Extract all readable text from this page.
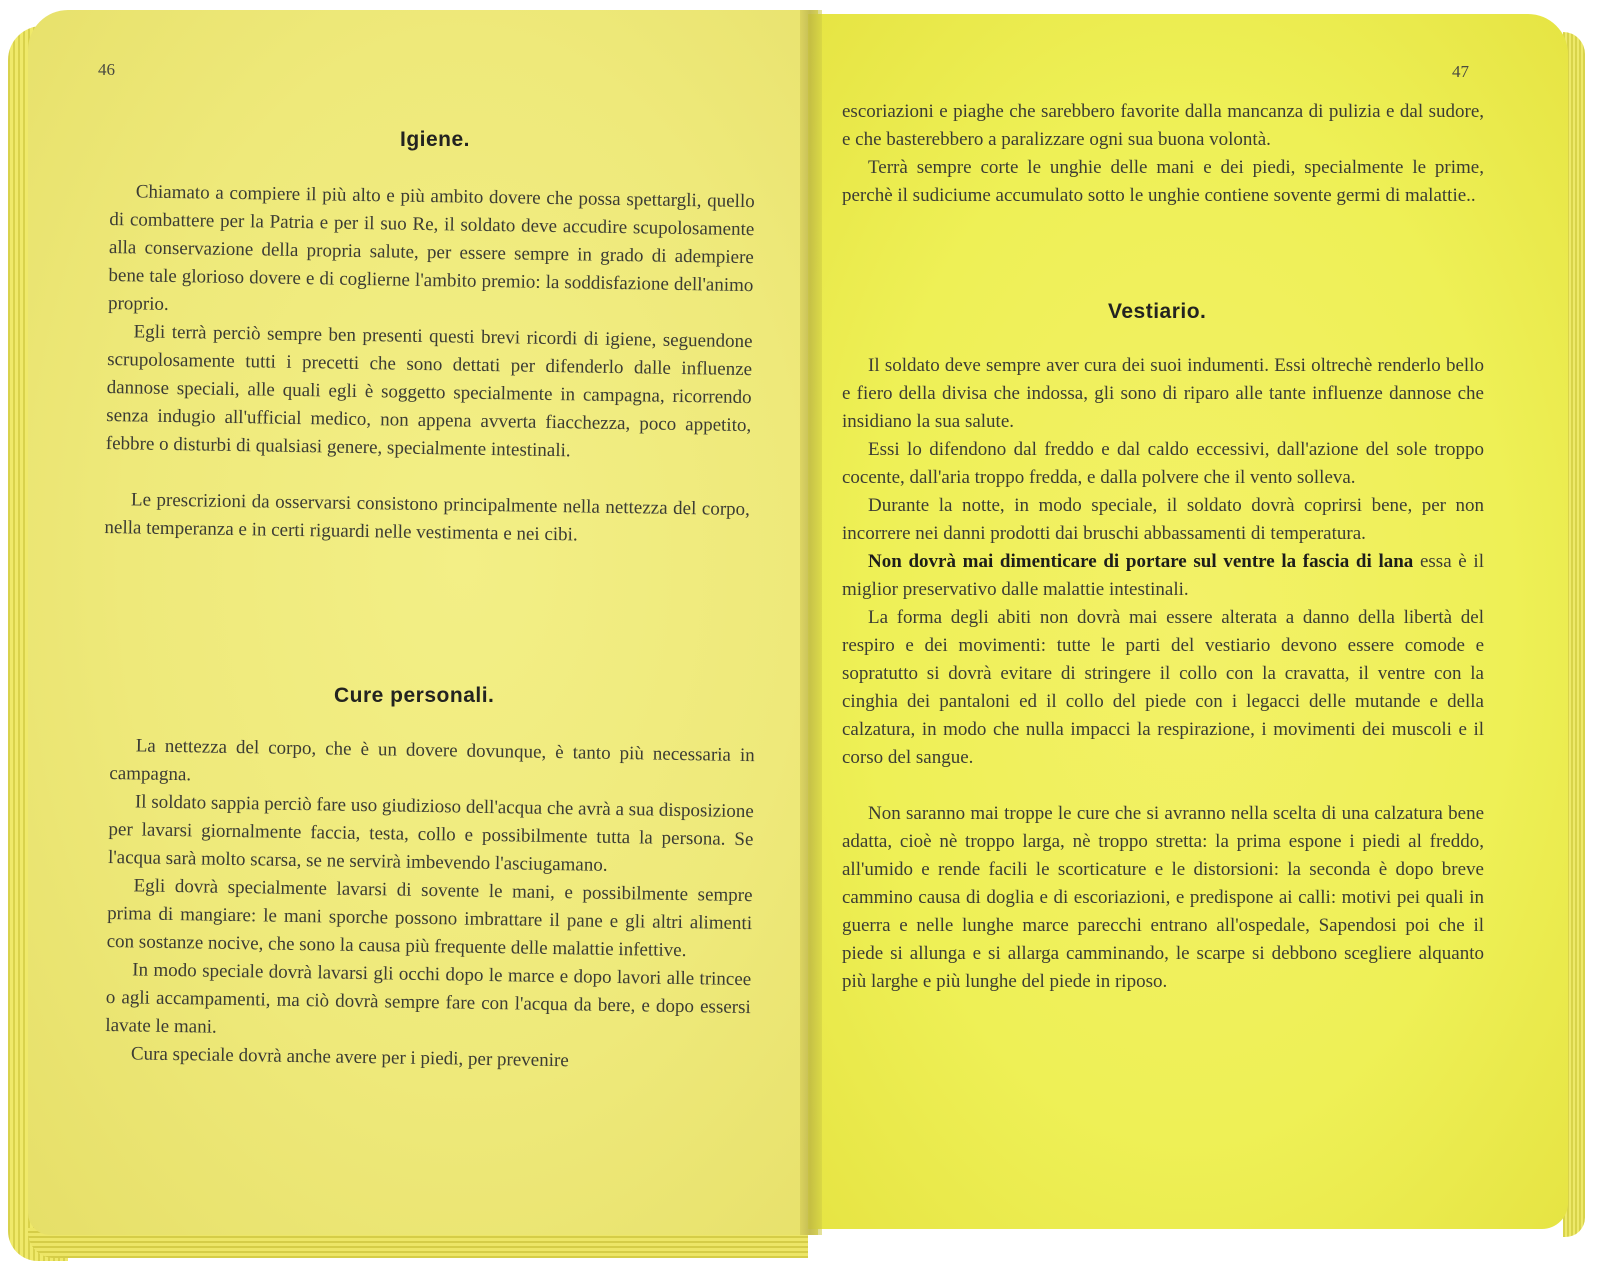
46
Igiene.

Chiamato a compiere il più alto e più ambito dovere che possa spettargli, quello di combattere per la Patria e per il suo Re, il soldato deve accudire scupolosamente alla conservazione della propria salute, per essere sempre in grado di adempiere bene tale glorioso dovere e di coglierne l'ambito premio: la soddisfazione dell'animo proprio.

Egli terrà perciò sempre ben presenti questi brevi ricordi di igiene, seguendone scrupolosamente tutti i precetti che sono dettati per difenderlo dalle influenze dannose speciali, alle quali egli è soggetto specialmente in campagna, ricorrendo senza indugio all'ufficial medico, non appena avverta fiacchezza, poco appetito, febbre o disturbi di qualsiasi genere, specialmente intestinali.

Le prescrizioni da osservarsi consistono principalmente nella nettezza del corpo, nella temperanza e in certi riguardi nelle vestimenta e nei cibi.

Cure personali.

La nettezza del corpo, che è un dovere dovunque, è tanto più necessaria in campagna.

Il soldato sappia perciò fare uso giudizioso dell'acqua che avrà a sua disposizione per lavarsi giornalmente faccia, testa, collo e possibilmente tutta la persona. Se l'acqua sarà molto scarsa, se ne servirà imbevendo l'asciugamano.

Egli dovrà specialmente lavarsi di sovente le mani, e possibilmente sempre prima di mangiare: le mani sporche possono imbrattare il pane e gli altri alimenti con sostanze nocive, che sono la causa più frequente delle malattie infettive.

In modo speciale dovrà lavarsi gli occhi dopo le marce e dopo lavori alle trincee o agli accampamenti, ma ciò dovrà sempre fare con l'acqua da bere, e dopo essersi lavate le mani.

Cura speciale dovrà anche avere per i piedi, per prevenire

47

escoriazioni e piaghe che sarebbero favorite dalla mancanza di pulizia e dal sudore, e che basterebbero a paralizzare ogni sua buona volontà.

Terrà sempre corte le unghie delle mani e dei piedi, specialmente le prime, perchè il sudiciume accumulato sotto le unghie contiene sovente germi di malattie..

Vestiario.

Il soldato deve sempre aver cura dei suoi indumenti. Essi oltrechè renderlo bello e fiero della divisa che indossa, gli sono di riparo alle tante influenze dannose che insidiano la sua salute.

Essi lo difendono dal freddo e dal caldo eccessivi, dall'azione del sole troppo cocente, dall'aria troppo fredda, e dalla polvere che il vento solleva.

Durante la notte, in modo speciale, il soldato dovrà coprirsi bene, per non incorrere nei danni prodotti dai bruschi abbassamenti di temperatura.

Non dovrà mai dimenticare di portare sul ventre la fascia di lana essa è il miglior preservativo dalle malattie intestinali.

La forma degli abiti non dovrà mai essere alterata a danno della libertà del respiro e dei movimenti: tutte le parti del vestiario devono essere comode e sopratutto si dovrà evitare di stringere il collo con la cravatta, il ventre con la cinghia dei pantaloni ed il collo del piede con i legacci delle mutande e della calzatura, in modo che nulla impacci la respirazione, i movimenti dei muscoli e il corso del sangue.

Non saranno mai troppe le cure che si avranno nella scelta di una calzatura bene adatta, cioè nè troppo larga, nè troppo stretta: la prima espone i piedi al freddo, all'umido e rende facili le scorticature e le distorsioni: la seconda è dopo breve cammino causa di doglia e di escoriazioni, e predispone ai calli: motivi pei quali in guerra e nelle lunghe marce parecchi entrano all'ospedale, Sapendosi poi che il piede si allunga e si allarga camminando, le scarpe si debbono scegliere alquanto più larghe e più lunghe del piede in riposo.
